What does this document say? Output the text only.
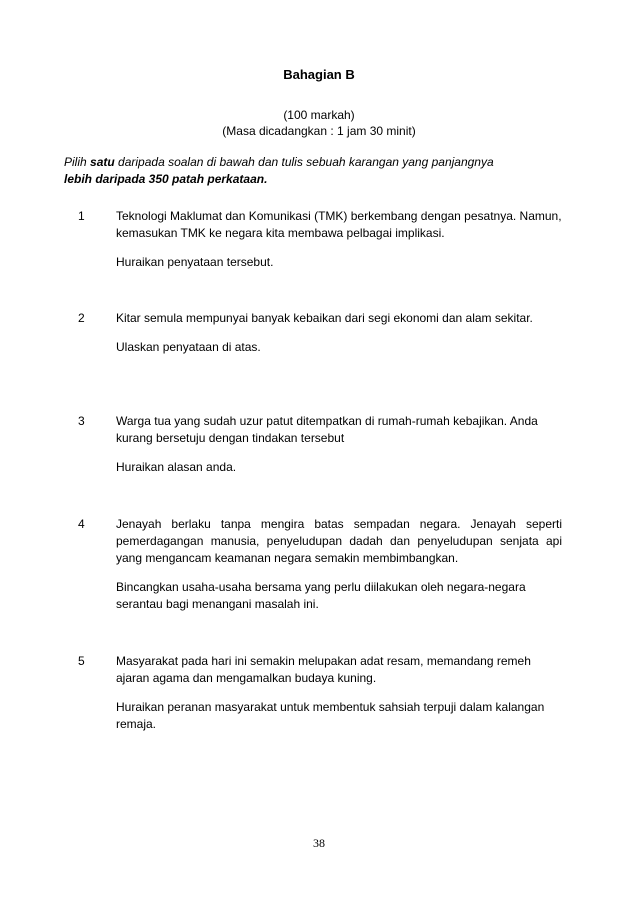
Bahagian B
(100 markah)
(Masa dicadangkan : 1 jam 30 minit)
Pilih satu daripada soalan di bawah dan tulis sebuah karangan yang panjangnya
lebih daripada 350 patah perkataan.
1	Teknologi Maklumat dan Komunikasi (TMK) berkembang dengan pesatnya. Namun, kemasukan TMK ke negara kita membawa pelbagai implikasi.

Huraikan penyataan tersebut.

2	Kitar semula mempunyai banyak kebaikan dari segi ekonomi dan alam sekitar.

Ulaskan penyataan di atas.

3	Warga tua yang sudah uzur patut ditempatkan di rumah-rumah kebajikan. Anda kurang bersetuju dengan tindakan tersebut

Huraikan alasan anda.

4	Jenayah berlaku tanpa mengira batas sempadan negara. Jenayah seperti pemerdagangan manusia, penyeludupan dadah dan penyeludupan senjata api yang mengancam keamanan negara semakin membimbangkan.

Bincangkan usaha-usaha bersama yang perlu diilakukan oleh negara-negara serantau bagi menangani masalah ini.

5	Masyarakat pada hari ini semakin melupakan adat resam, memandang remeh ajaran agama dan mengamalkan budaya kuning.

Huraikan peranan masyarakat untuk membentuk sahsiah terpuji dalam kalangan remaja.

38
